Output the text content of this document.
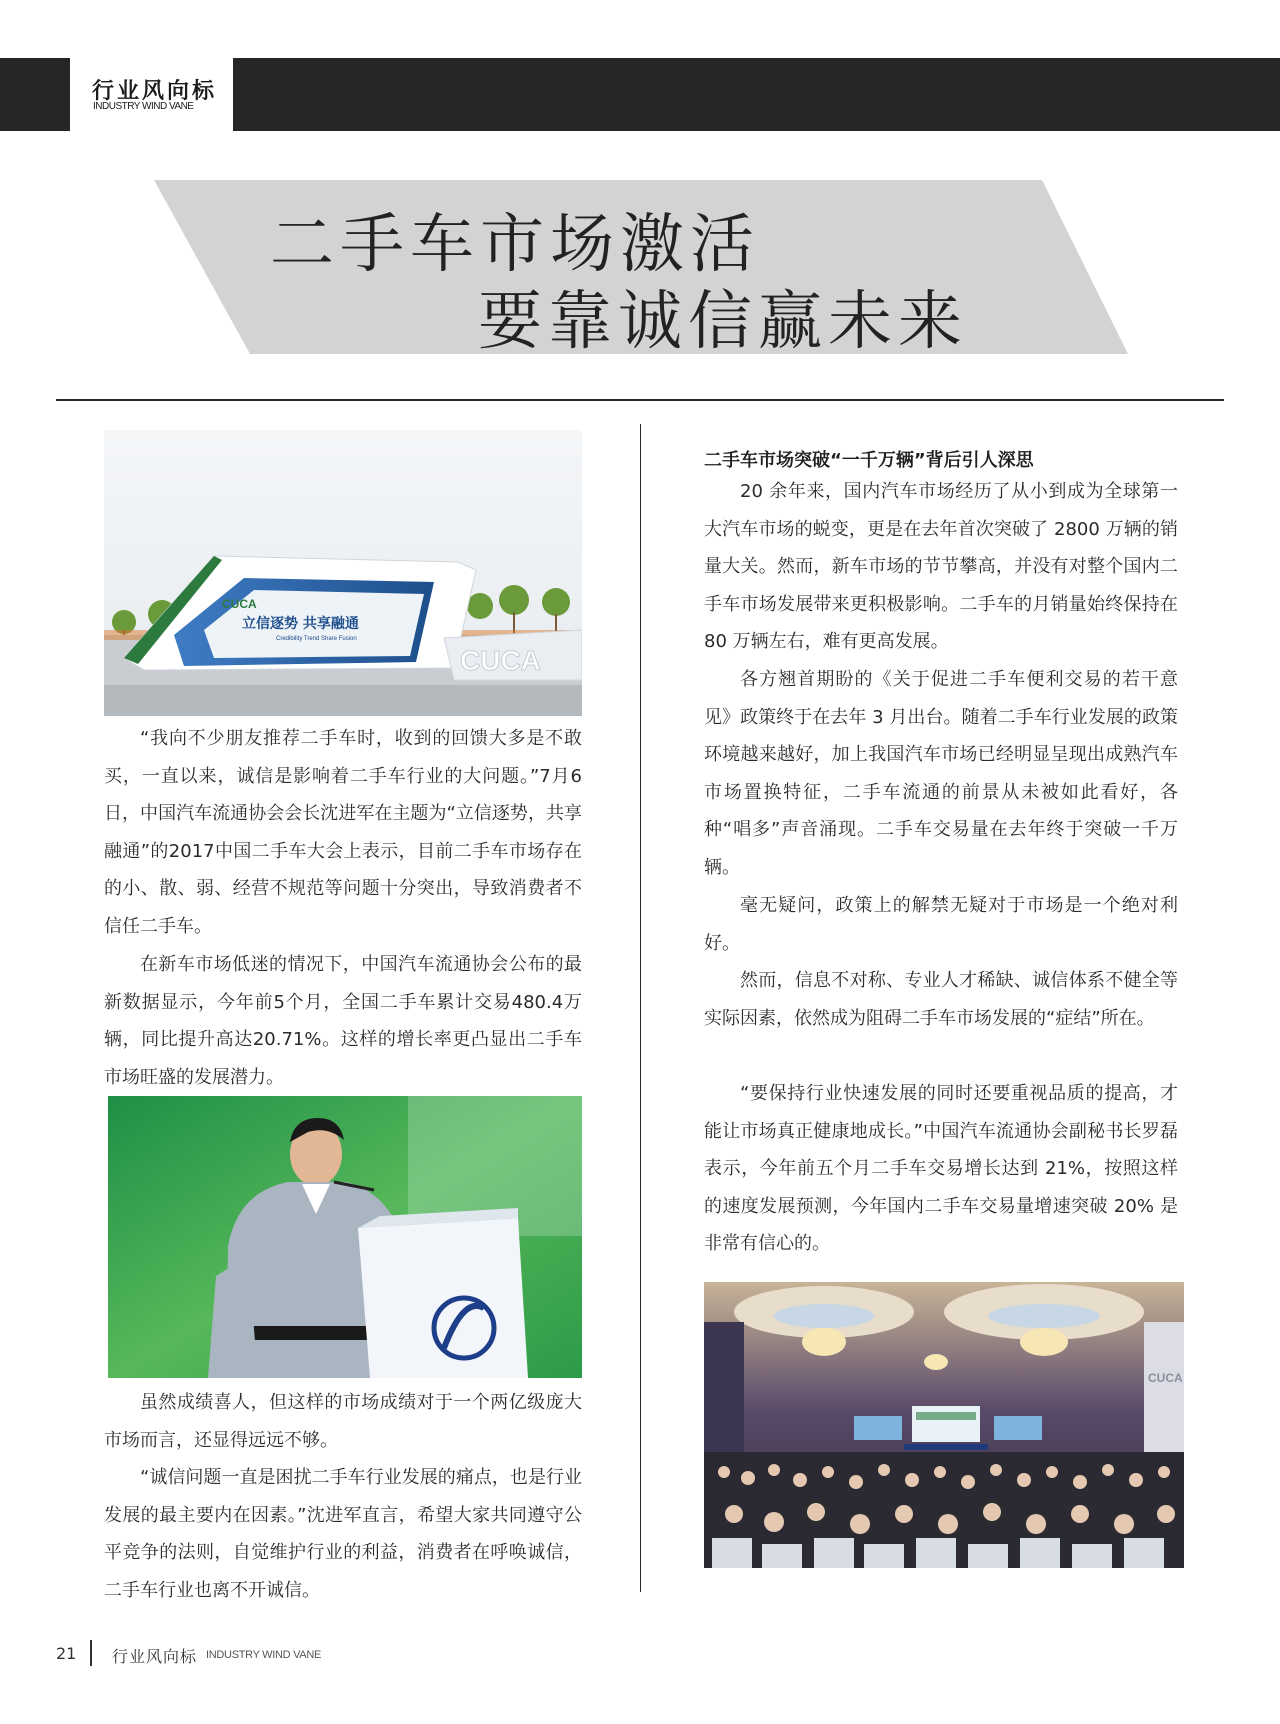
行业风向标
INDUSTRY WIND VANE
二手车市场激活
要靠诚信赢未来
CUCA
立信逐势 共享融通
Credibility Trend Share Fusion
CUCA

“我向不少朋友推荐二手车时，收到的回馈大多是不敢买，一直以来，诚信是影响着二手车行业的大问题。”7月6日，中国汽车流通协会会长沈进军在主题为“立信逐势，共享融通”的2017中国二手车大会上表示，目前二手车市场存在的小、散、弱、经营不规范等问题十分突出，导致消费者不信任二手车。

在新车市场低迷的情况下，中国汽车流通协会公布的最新数据显示，今年前5个月，全国二手车累计交易480.4万辆，同比提升高达20.71%。这样的增长率更凸显出二手车市场旺盛的发展潜力。

虽然成绩喜人，但这样的市场成绩对于一个两亿级庞大市场而言，还显得远远不够。

“诚信问题一直是困扰二手车行业发展的痛点，也是行业发展的最主要内在因素。”沈进军直言，希望大家共同遵守公平竞争的法则，自觉维护行业的利益，消费者在呼唤诚信，二手车行业也离不开诚信。

二手车市场突破“一千万辆”背后引人深思

20 余年来，国内汽车市场经历了从小到成为全球第一大汽车市场的蜕变，更是在去年首次突破了 2800 万辆的销量大关。然而，新车市场的节节攀高，并没有对整个国内二手车市场发展带来更积极影响。二手车的月销量始终保持在 80 万辆左右，难有更高发展。

各方翘首期盼的《关于促进二手车便利交易的若干意见》政策终于在去年 3 月出台。随着二手车行业发展的政策环境越来越好，加上我国汽车市场已经明显呈现出成熟汽车市场置换特征，二手车流通的前景从未被如此看好，各种“唱多”声音涌现。二手车交易量在去年终于突破一千万辆。

毫无疑问，政策上的解禁无疑对于市场是一个绝对利好。

然而，信息不对称、专业人才稀缺、诚信体系不健全等实际因素，依然成为阻碍二手车市场发展的“症结”所在。

“要保持行业快速发展的同时还要重视品质的提高，才能让市场真正健康地成长。”中国汽车流通协会副秘书长罗磊表示，今年前五个月二手车交易增长达到 21%，按照这样的速度发展预测，今年国内二手车交易量增速突破 20% 是非常有信心的。

CUCA
21 行业风向标 INDUSTRY WIND VANE
